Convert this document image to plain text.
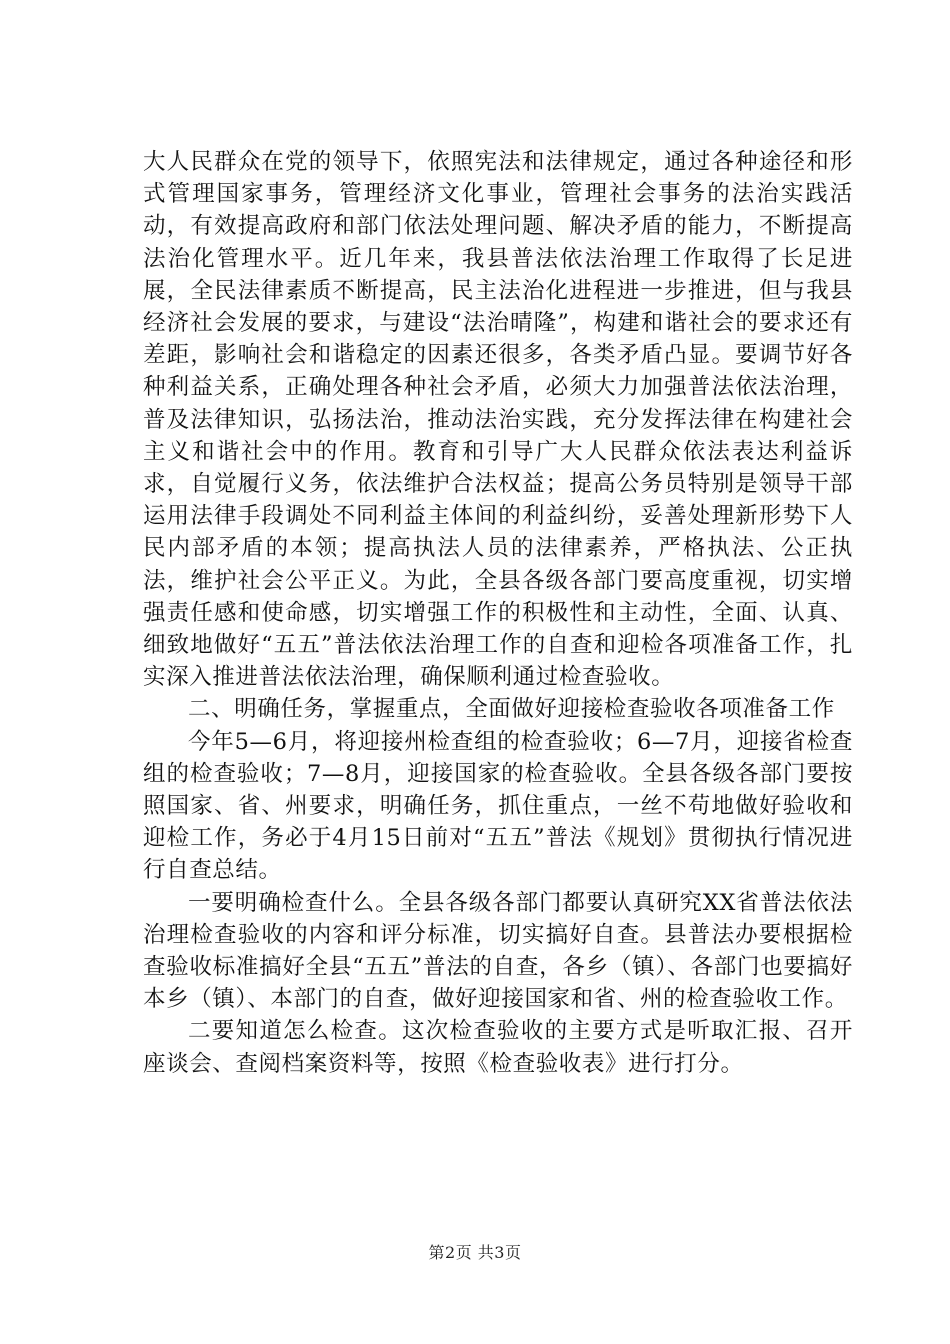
大人民群众在党的领导下，依照宪法和法律规定，通过各种途径和形式管理国家事务，管理经济文化事业，管理社会事务的法治实践活动，有效提高政府和部门依法处理问题、解决矛盾的能力，不断提高法治化管理水平。近几年来，我县普法依法治理工作取得了长足进展，全民法律素质不断提高，民主法治化进程进一步推进，但与我县经济社会发展的要求，与建设“法治晴隆”，构建和谐社会的要求还有差距，影响社会和谐稳定的因素还很多，各类矛盾凸显。要调节好各种利益关系，正确处理各种社会矛盾，必须大力加强普法依法治理，普及法律知识，弘扬法治，推动法治实践，充分发挥法律在构建社会主义和谐社会中的作用。教育和引导广大人民群众依法表达利益诉求，自觉履行义务，依法维护合法权益；提高公务员特别是领导干部运用法律手段调处不同利益主体间的利益纠纷，妥善处理新形势下人民内部矛盾的本领；提高执法人员的法律素养，严格执法、公正执法，维护社会公平正义。为此，全县各级各部门要高度重视，切实增强责任感和使命感，切实增强工作的积极性和主动性，全面、认真、细致地做好“五五”普法依法治理工作的自查和迎检各项准备工作，扎实深入推进普法依法治理，确保顺利通过检查验收。

二、明确任务，掌握重点，全面做好迎接检查验收各项准备工作

今年5—6月，将迎接州检查组的检查验收；6—7月，迎接省检查组的检查验收；7—8月，迎接国家的检查验收。全县各级各部门要按照国家、省、州要求，明确任务，抓住重点，一丝不苟地做好验收和迎检工作，务必于4月15日前对“五五”普法《规划》贯彻执行情况进行自查总结。

一要明确检查什么。全县各级各部门都要认真研究XX省普法依法治理检查验收的内容和评分标准，切实搞好自查。县普法办要根据检查验收标准搞好全县“五五”普法的自查，各乡（镇）、各部门也要搞好本乡（镇）、本部门的自查，做好迎接国家和省、州的检查验收工作。

二要知道怎么检查。这次检查验收的主要方式是听取汇报、召开座谈会、查阅档案资料等，按照《检查验收表》进行打分。

第2页 共3页
